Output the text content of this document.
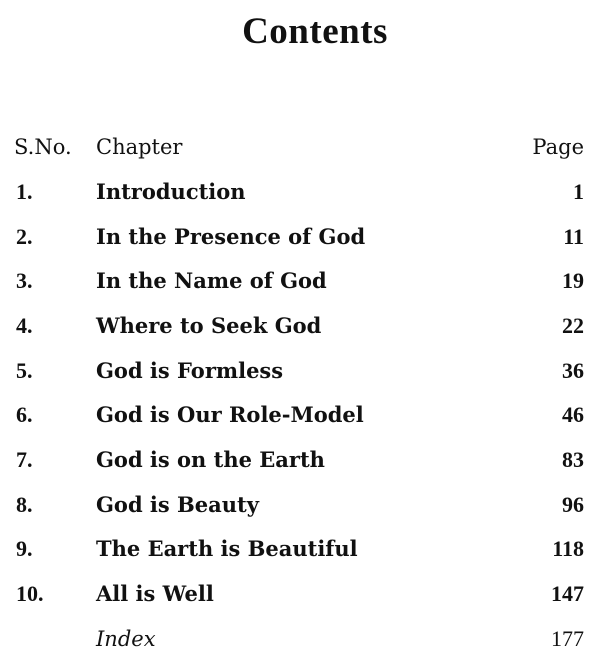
Contents
S.No. Chapter	Page
1.	Introduction	1
2.	In the Presence of God	11
3.	In the Name of God	19
4.	Where to Seek God	22
5.	God is Formless	36
6.	God is Our Role-Model	46
7.	God is on the Earth	83
8.	God is Beauty	96
9.	The Earth is Beautiful	118
10.	All is Well	147
Index	177
